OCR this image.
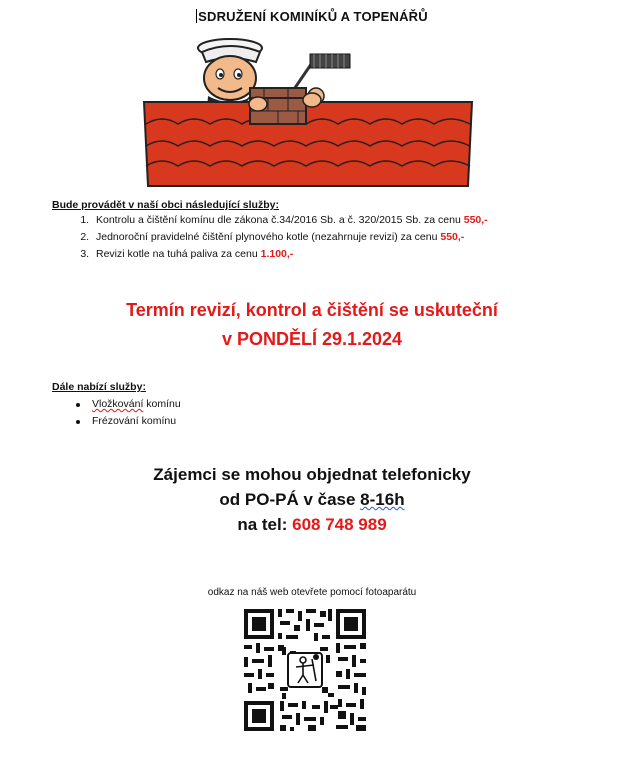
SDRUŽENÍ KOMINÍKŮ A TOPENÁŘŮ
Bude provádět v naší obci následující služby:
1. Kontrolu a čištění komínu dle zákona č.34/2016 Sb. a č. 320/2015 Sb. za cenu 550,-
2. Jednoroční pravidelné čištění plynového kotle (nezahrnuje revizi) za cenu 550,-
3. Revizi kotle na tuhá paliva za cenu 1.100,-
Termín revizí, kontrol a čištění se uskuteční
v PONDĚLÍ 29.1.2024
Dále nabízí služby:
Vložkování komínu
Frézování komínu
Zájemci se mohou objednat telefonicky
od PO-PÁ v čase 8-16h
na tel: 608 748 989
odkaz na náš web otevřete pomocí fotoaparátu
